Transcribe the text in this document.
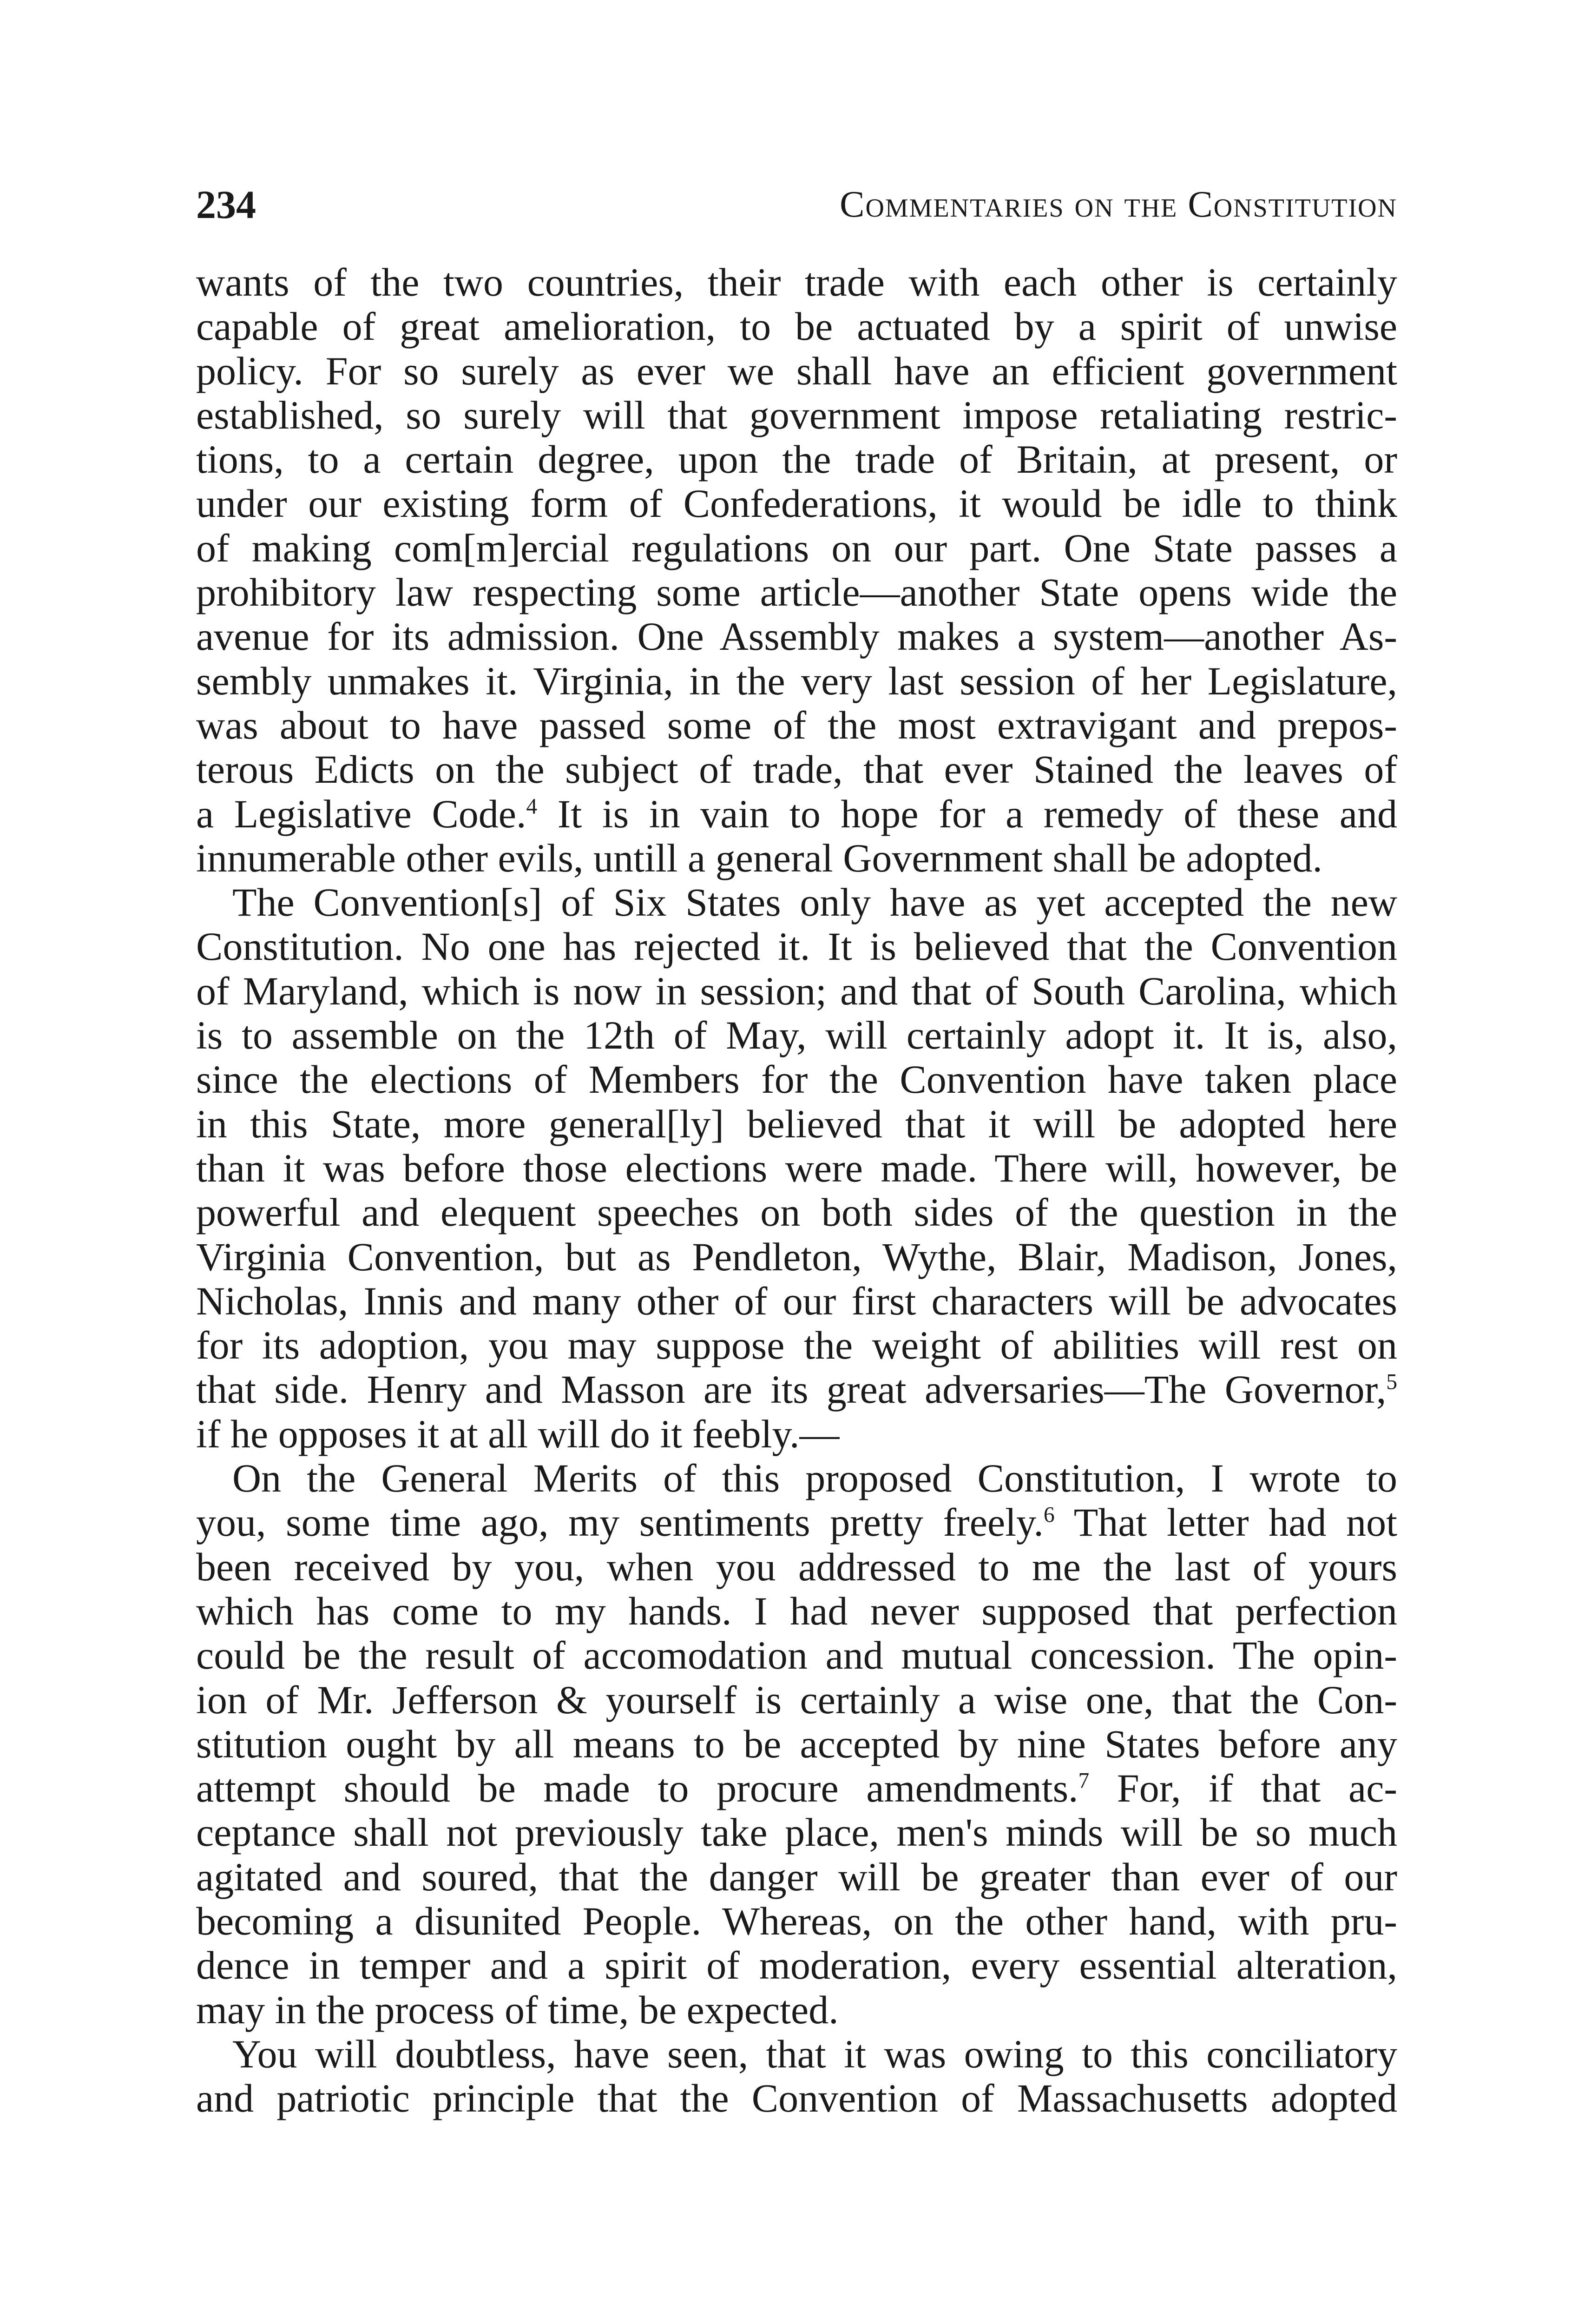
234	Commentaries on the Constitution
wants of the two countries, their trade with each other is certainly
capable of great amelioration, to be actuated by a spirit of unwise
policy. For so surely as ever we shall have an efficient government
established, so surely will that government impose retaliating restric-
tions, to a certain degree, upon the trade of Britain, at present, or
under our existing form of Confederations, it would be idle to think
of making com[m]ercial regulations on our part. One State passes a
prohibitory law respecting some article—another State opens wide the
avenue for its admission. One Assembly makes a system—another As-
sembly unmakes it. Virginia, in the very last session of her Legislature,
was about to have passed some of the most extravigant and prepos-
terous Edicts on the subject of trade, that ever Stained the leaves of
a Legislative Code.$^4$ It is in vain to hope for a remedy of these and
innumerable other evils, untill a general Government shall be adopted.
The Convention[s] of Six States only have as yet accepted the new
Constitution. No one has rejected it. It is believed that the Convention
of Maryland, which is now in session; and that of South Carolina, which
is to assemble on the 12th of May, will certainly adopt it. It is, also,
since the elections of Members for the Convention have taken place
in this State, more general[ly] believed that it will be adopted here
than it was before those elections were made. There will, however, be
powerful and elequent speeches on both sides of the question in the
Virginia Convention, but as Pendleton, Wythe, Blair, Madison, Jones,
Nicholas, Innis and many other of our first characters will be advocates
for its adoption, you may suppose the weight of abilities will rest on
that side. Henry and Masson are its great adversaries—The Governor,$^5$
if he opposes it at all will do it feebly.—
On the General Merits of this proposed Constitution, I wrote to
you, some time ago, my sentiments pretty freely.$^6$ That letter had not
been received by you, when you addressed to me the last of yours
which has come to my hands. I had never supposed that perfection
could be the result of accomodation and mutual concession. The opin-
ion of Mr. Jefferson & yourself is certainly a wise one, that the Con-
stitution ought by all means to be accepted by nine States before any
attempt should be made to procure amendments.$^7$ For, if that ac-
ceptance shall not previously take place, men's minds will be so much
agitated and soured, that the danger will be greater than ever of our
becoming a disunited People. Whereas, on the other hand, with pru-
dence in temper and a spirit of moderation, every essential alteration,
may in the process of time, be expected.
You will doubtless, have seen, that it was owing to this conciliatory
and patriotic principle that the Convention of Massachusetts adopted
